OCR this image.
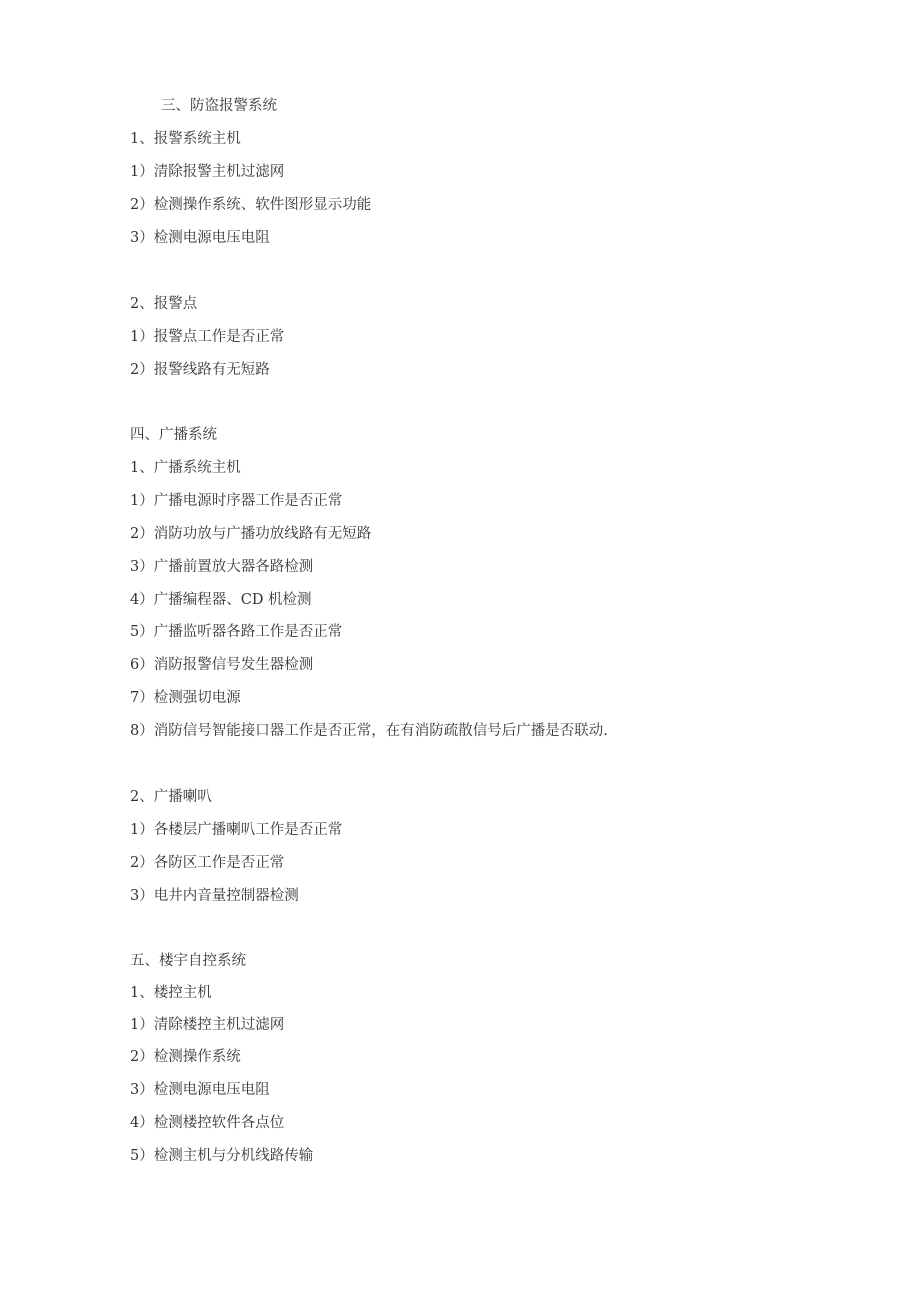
三、防盗报警系统
1、报警系统主机
1）清除报警主机过滤网
2）检测操作系统、软件图形显示功能
3）检测电源电压电阻
2、报警点
1）报警点工作是否正常
2）报警线路有无短路
四、广播系统
1、广播系统主机
1）广播电源时序器工作是否正常
2）消防功放与广播功放线路有无短路
3）广播前置放大器各路检测
4）广播编程器、CD 机检测
5）广播监听器各路工作是否正常
6）消防报警信号发生器检测
7）检测强切电源
8）消防信号智能接口器工作是否正常，在有消防疏散信号后广播是否联动.
2、广播喇叭
1）各楼层广播喇叭工作是否正常
2）各防区工作是否正常
3）电井内音量控制器检测
五、楼宇自控系统
1、楼控主机
1）清除楼控主机过滤网
2）检测操作系统
3）检测电源电压电阻
4）检测楼控软件各点位
5）检测主机与分机线路传输
